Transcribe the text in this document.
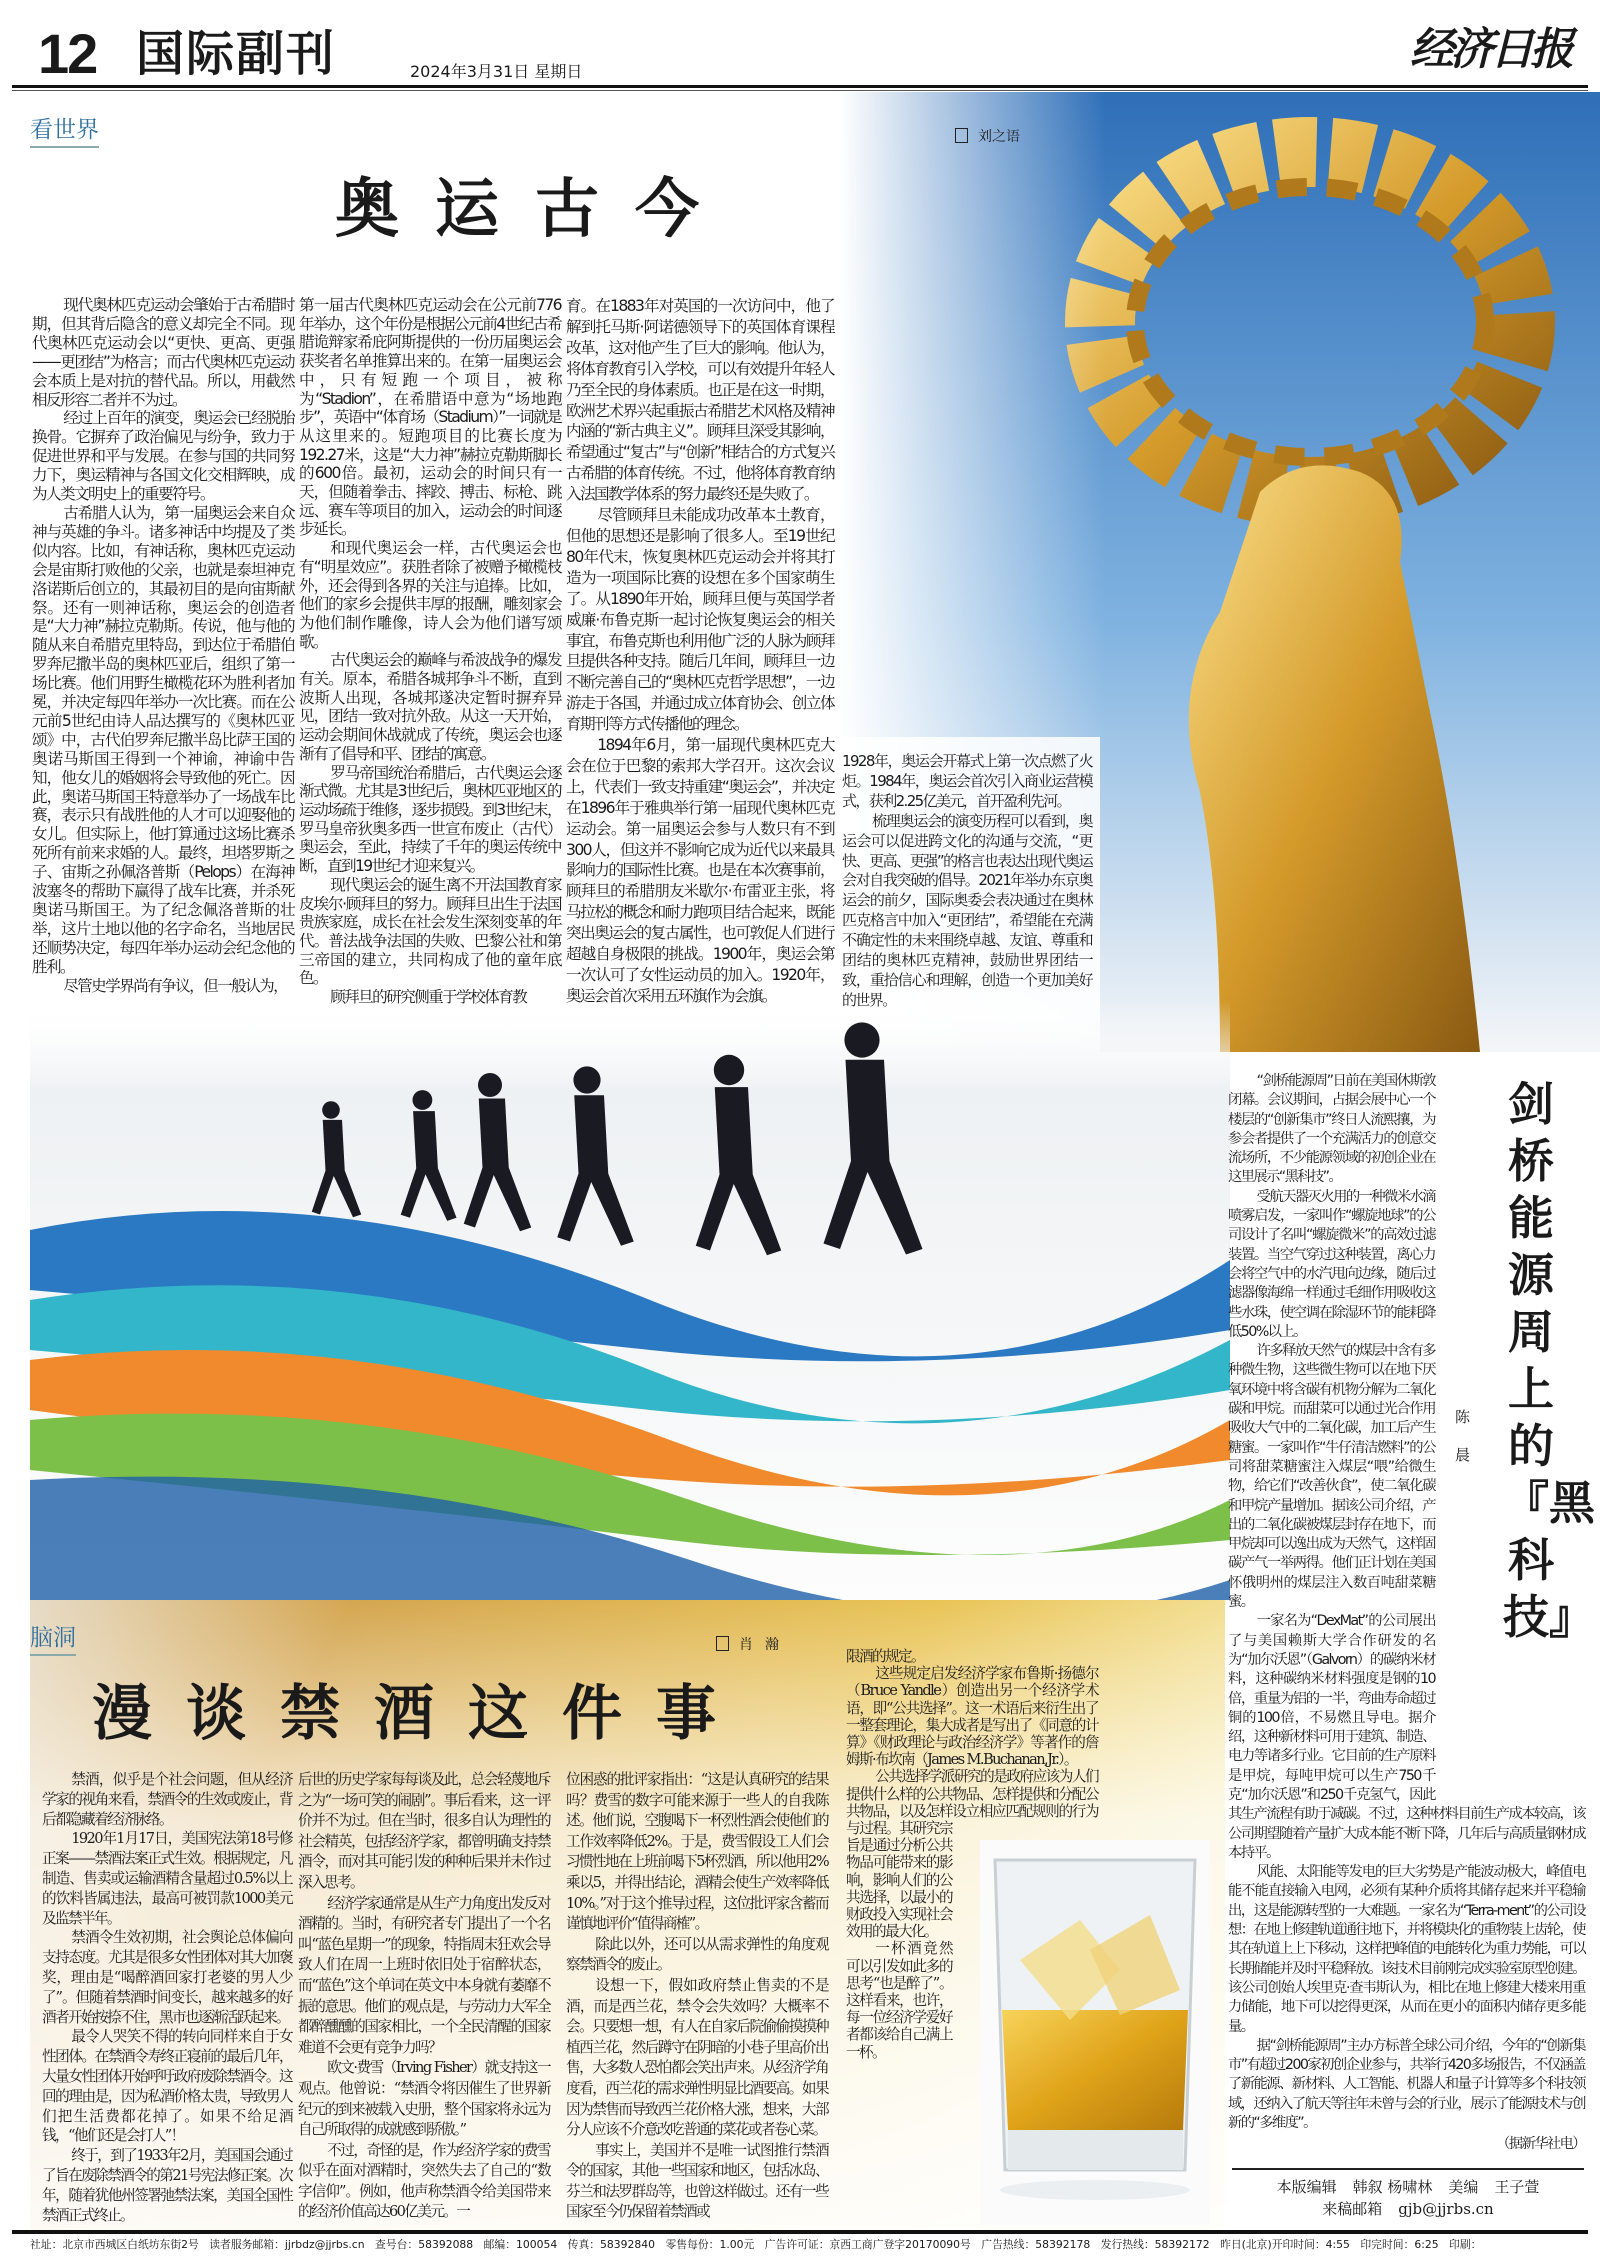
12 国际副刊	2024年3月31日 星期日	经济日报
看世界	刘之语
奥运古今

现代奥林匹克运动会肇始于古希腊时期，但其背后隐含的意义却完全不同。现代奥林匹克运动会以“更快、更高、更强——更团结”为格言；而古代奥林匹克运动会本质上是对抗的替代品。所以，用截然相反形容二者并不为过。

经过上百年的演变，奥运会已经脱胎换骨。它摒弃了政治偏见与纷争，致力于促进世界和平与发展。在参与国的共同努力下，奥运精神与各国文化交相辉映，成为人类文明史上的重要符号。

古希腊人认为，第一届奥运会来自众神与英雄的争斗。诸多神话中均提及了类似内容。比如，有神话称，奥林匹克运动会是宙斯打败他的父亲，也就是泰坦神克洛诺斯后创立的，其最初目的是向宙斯献祭。还有一则神话称，奥运会的创造者是“大力神”赫拉克勒斯。传说，他与他的随从来自希腊克里特岛，到达位于希腊伯罗奔尼撒半岛的奥林匹亚后，组织了第一场比赛。他们用野生橄榄花环为胜利者加冕，并决定每四年举办一次比赛。而在公元前5世纪由诗人品达撰写的《奥林匹亚颂》中，古代伯罗奔尼撒半岛比萨王国的奥诺马斯国王得到一个神谕，神谕中告知，他女儿的婚姻将会导致他的死亡。因此，奥诺马斯国王特意举办了一场战车比赛，表示只有战胜他的人才可以迎娶他的女儿。但实际上，他打算通过这场比赛杀死所有前来求婚的人。最终，坦塔罗斯之子、宙斯之孙佩洛普斯（Pelops）在海神波塞冬的帮助下赢得了战车比赛，并杀死奥诺马斯国王。为了纪念佩洛普斯的壮举，这片土地以他的名字命名，当地居民还顺势决定，每四年举办运动会纪念他的胜利。

尽管史学界尚有争议，但一般认为，

第一届古代奥林匹克运动会在公元前776年举办，这个年份是根据公元前4世纪古希腊诡辩家希庇阿斯提供的一份历届奥运会获奖者名单推算出来的。在第一届奥运会中，只有短跑一个项目，被称为“Stadion”，在希腊语中意为“场地跑步”，英语中“体育场（Stadium）”一词就是从这里来的。短跑项目的比赛长度为192.27米，这是“大力神”赫拉克勒斯脚长的600倍。最初，运动会的时间只有一天，但随着拳击、摔跤、搏击、标枪、跳远、赛车等项目的加入，运动会的时间逐步延长。

和现代奥运会一样，古代奥运会也有“明星效应”。获胜者除了被赠予橄榄枝外，还会得到各界的关注与追捧。比如，他们的家乡会提供丰厚的报酬，雕刻家会为他们制作雕像，诗人会为他们谱写颂歌。

古代奥运会的巅峰与希波战争的爆发有关。原本，希腊各城邦争斗不断，直到波斯人出现，各城邦遂决定暂时摒弃异见，团结一致对抗外敌。从这一天开始，运动会期间休战就成了传统，奥运会也逐渐有了倡导和平、团结的寓意。

罗马帝国统治希腊后，古代奥运会逐渐式微。尤其是3世纪后，奥林匹亚地区的运动场疏于维修，逐步损毁。到3世纪末，罗马皇帝狄奥多西一世宣布废止（古代）奥运会，至此，持续了千年的奥运传统中断，直到19世纪才迎来复兴。

现代奥运会的诞生离不开法国教育家皮埃尔·顾拜旦的努力。顾拜旦出生于法国贵族家庭，成长在社会发生深刻变革的年代。普法战争法国的失败、巴黎公社和第三帝国的建立，共同构成了他的童年底色。

顾拜旦的研究侧重于学校体育教

育。在1883年对英国的一次访问中，他了解到托马斯·阿诺德领导下的英国体育课程改革，这对他产生了巨大的影响。他认为，将体育教育引入学校，可以有效提升年轻人乃至全民的身体素质。也正是在这一时期，欧洲艺术界兴起重振古希腊艺术风格及精神内涵的“新古典主义”。顾拜旦深受其影响，希望通过“复古”与“创新”相结合的方式复兴古希腊的体育传统。不过，他将体育教育纳入法国教学体系的努力最终还是失败了。

尽管顾拜旦未能成功改革本土教育，但他的思想还是影响了很多人。至19世纪80年代末，恢复奥林匹克运动会并将其打造为一项国际比赛的设想在多个国家萌生了。从1890年开始，顾拜旦便与英国学者威廉·布鲁克斯一起讨论恢复奥运会的相关事宜，布鲁克斯也利用他广泛的人脉为顾拜旦提供各种支持。随后几年间，顾拜旦一边不断完善自己的“奥林匹克哲学思想”，一边游走于各国，并通过成立体育协会、创立体育期刊等方式传播他的理念。

1894年6月，第一届现代奥林匹克大会在位于巴黎的索邦大学召开。这次会议上，代表们一致支持重建“奥运会”，并决定在1896年于雅典举行第一届现代奥林匹克运动会。第一届奥运会参与人数只有不到300人，但这并不影响它成为近代以来最具影响力的国际性比赛。也是在本次赛事前，顾拜旦的希腊朋友米歇尔·布雷亚主张，将马拉松的概念和耐力跑项目结合起来，既能突出奥运会的复古属性，也可敦促人们进行超越自身极限的挑战。1900年，奥运会第一次认可了女性运动员的加入。1920年，奥运会首次采用五环旗作为会旗。

1928年，奥运会开幕式上第一次点燃了火炬。1984年，奥运会首次引入商业运营模式，获利2.25亿美元，首开盈利先河。

梳理奥运会的演变历程可以看到，奥运会可以促进跨文化的沟通与交流，“更快、更高、更强”的格言也表达出现代奥运会对自我突破的倡导。2021年举办东京奥运会的前夕，国际奥委会表决通过在奥林匹克格言中加入“更团结”，希望能在充满不确定性的未来围绕卓越、友谊、尊重和团结的奥林匹克精神，鼓励世界团结一致，重拾信心和理解，创造一个更加美好的世界。

“剑桥能源周”日前在美国休斯敦闭幕。会议期间，占据会展中心一个楼层的“创新集市”终日人流熙攘，为参会者提供了一个充满活力的创意交流场所，不少能源领域的初创企业在这里展示“黑科技”。

受航天器灭火用的一种微米水滴喷雾启发，一家叫作“螺旋地球”的公司设计了名叫“螺旋微米”的高效过滤装置。当空气穿过这种装置，离心力会将空气中的水汽甩向边缘，随后过滤器像海绵一样通过毛细作用吸收这些水珠，使空调在除湿环节的能耗降低50%以上。

许多释放天然气的煤层中含有多种微生物，这些微生物可以在地下厌氧环境中将含碳有机物分解为二氧化碳和甲烷。而甜菜可以通过光合作用吸收大气中的二氧化碳，加工后产生糖蜜。一家叫作“牛仔清洁燃料”的公司将甜菜糖蜜注入煤层“喂”给微生物，给它们“改善伙食”，使二氧化碳和甲烷产量增加。据该公司介绍，产出的二氧化碳被煤层封存在地下，而甲烷却可以逸出成为天然气，这样固碳产气一举两得。他们正计划在美国怀俄明州的煤层注入数百吨甜菜糖蜜。

一家名为“DexMat”的公司展出了与美国赖斯大学合作研发的名为“加尔沃恩”（Galvorn）的碳纳米材料，这种碳纳米材料强度是钢的10倍，重量为铝的一半，弯曲寿命超过铜的100倍，不易燃且导电。据介绍，这种新材料可用于建筑、制造、电力等诸多行业。它目前的生产原料是甲烷，每吨甲烷可以生产750千克“加尔沃恩”和250千克氢气，因此其生产流程有助于减碳。不过，这种材料目前生产成本较高，该公司期望随着产量扩大成本能不断下降，几年后与高质量钢材成本持平。

风能、太阳能等发电的巨大劣势是产能波动极大，峰值电能不能直接输入电网，必须有某种介质将其储存起来并平稳输出，这是能源转型的一大难题。一家名为“Terra-ment”的公司设想：在地上修建轨道通往地下，并将模块化的重物装上齿轮，使其在轨道上上下移动，这样把峰值的电能转化为重力势能，可以长期储能并及时平稳释放。该技术目前刚完成实验室原型创建。该公司创始人埃里克·查韦斯认为，相比在地上修建大楼来用重力储能，地下可以挖得更深，从而在更小的面积内储存更多能量。

据“剑桥能源周”主办方标普全球公司介绍，今年的“创新集市”有超过200家初创企业参与，共举行420多场报告，不仅涵盖了新能源、新材料、人工智能、机器人和量子计算等多个科技领域，还纳入了航天等往年未曾与会的行业，展示了能源技术与创新的“多维度”。

（据新华社电）
剑桥能源周上的『黑科技』
陈晨
脑洞	肖瀚
漫谈禁酒这件事

禁酒，似乎是个社会问题，但从经济学家的视角来看，禁酒令的生效或废止，背后都隐藏着经济脉络。

1920年1月17日，美国宪法第18号修正案——禁酒法案正式生效。根据规定，凡制造、售卖或运输酒精含量超过0.5%以上的饮料皆属违法，最高可被罚款1000美元及监禁半年。

禁酒令生效初期，社会舆论总体偏向支持态度。尤其是很多女性团体对其大加褒奖，理由是“喝醉酒回家打老婆的男人少了”。但随着禁酒时间变长，越来越多的好酒者开始按捺不住，黑市也逐渐活跃起来。

最令人哭笑不得的转向同样来自于女性团体。在禁酒令寿终正寝前的最后几年，大量女性团体开始呼吁政府废除禁酒令。这回的理由是，因为私酒价格太贵，导致男人们把生活费都花掉了。如果不给足酒钱，“他们还是会打人”！

终于，到了1933年2月，美国国会通过了旨在废除禁酒令的第21号宪法修正案。次年，随着犹他州签署弛禁法案，美国全国性禁酒正式终止。

后世的历史学家每每谈及此，总会轻蔑地斥之为“一场可笑的闹剧”。事后看来，这一评价并不为过。但在当时，很多自认为理性的社会精英，包括经济学家，都曾明确支持禁酒令，而对其可能引发的种种后果并未作过深入思考。

经济学家通常是从生产力角度出发反对酒精的。当时，有研究者专门提出了一个名叫“蓝色星期一”的现象，特指周末狂欢会导致人们在周一上班时依旧处于宿醉状态，而“蓝色”这个单词在英文中本身就有萎靡不振的意思。他们的观点是，与劳动力大军全都醉醺醺的国家相比，一个全民清醒的国家难道不会更有竞争力吗？

欧文·费雪（Irving Fisher）就支持这一观点。他曾说：“禁酒令将因催生了世界新纪元的到来被载入史册，整个国家将永远为自己所取得的成就感到骄傲。”

不过，奇怪的是，作为经济学家的费雪似乎在面对酒精时，突然失去了自己的“数字信仰”。例如，他声称禁酒令给美国带来的经济价值高达60亿美元。一

位困惑的批评家指出：“这是认真研究的结果吗？费雪的数字可能来源于一些人的自我陈述。他们说，空腹喝下一杯烈性酒会使他们的工作效率降低2%。于是，费雪假设工人们会习惯性地在上班前喝下5杯烈酒，所以他用2%乘以5，并得出结论，酒精会使生产效率降低10%。”对于这个推导过程，这位批评家含蓄而谨慎地评价“值得商榷”。

除此以外，还可以从需求弹性的角度观察禁酒令的废止。

设想一下，假如政府禁止售卖的不是酒，而是西兰花，禁令会失效吗？大概率不会。只要想一想，有人在自家后院偷偷摸摸种植西兰花，然后蹲守在阴暗的小巷子里高价出售，大多数人恐怕都会笑出声来。从经济学角度看，西兰花的需求弹性明显比酒要高。如果因为禁售而导致西兰花价格大涨，想来，大部分人应该不介意改吃普通的菜花或者卷心菜。

事实上，美国并不是唯一试图推行禁酒令的国家，其他一些国家和地区，包括冰岛、芬兰和法罗群岛等，也曾这样做过。还有一些国家至今仍保留着禁酒或

限酒的规定。

这些规定启发经济学家布鲁斯·扬德尔（Bruce Yandle）创造出另一个经济学术语，即“公共选择”。这一术语后来衍生出了一整套理论，集大成者是写出了《同意的计算》《财政理论与政治经济学》等著作的詹姆斯·布坎南（James M.Buchanan,Jr.）。

公共选择学派研究的是政府应该为人们提供什么样的公共物品、怎样提供和分配公共物品，以及怎样设立相应匹配规则的行为与过程。其研究宗旨是通过分析公共物品可能带来的影响，影响人们的公共选择，以最小的财政投入实现社会效用的最大化。

一杯酒竟然可以引发如此多的思考“也是醉了”。这样看来，也许，每一位经济学爱好者都该给自己满上一杯。

本版编辑 韩叙 杨啸林 美编 王子萱
来稿邮箱 gjb@jjrbs.cn
社址：北京市西城区白纸坊东街2号 读者服务邮箱：jjrbdz@jjrbs.cn 查号台：58392088 邮编：100054 传真：58392840 零售每份：1.00元 广告许可证：京西工商广登字20170090号 广告热线：58392178 发行热线：58392172 昨日(北京)开印时间：4:55 印完时间：6:25 印刷：
